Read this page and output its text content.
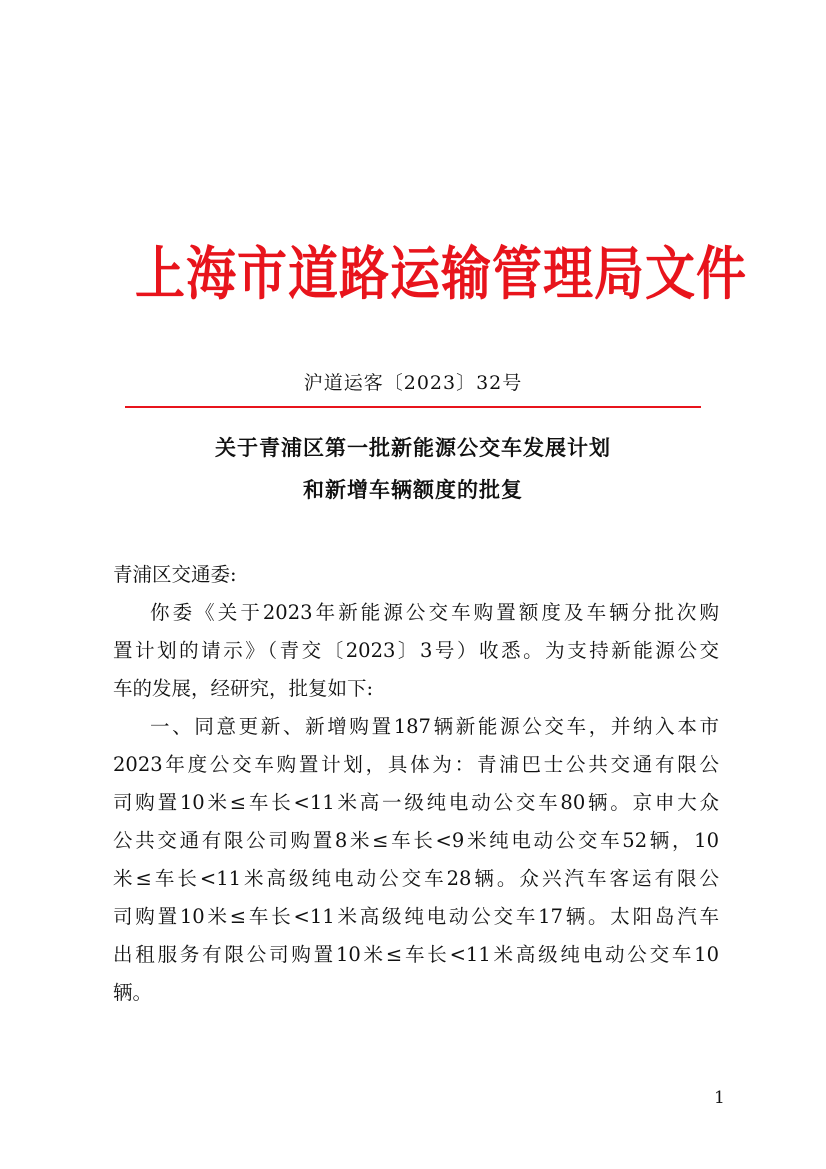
上海市道路运输管理局文件
沪道运客〔2023〕32号
关于青浦区第一批新能源公交车发展计划
和新增车辆额度的批复
青浦区交通委:
你委《关于2023年新能源公交车购置额度及车辆分批次购
置计划的请示》（青交〔2023〕3号）收悉。为支持新能源公交
车的发展，经研究，批复如下:
一、同意更新、新增购置187辆新能源公交车，并纳入本市
2023年度公交车购置计划，具体为：青浦巴士公共交通有限公
司购置10米≤车长<11米高一级纯电动公交车80辆。京申大众
公共交通有限公司购置8米≤车长<9米纯电动公交车52辆，10
米≤车长<11米高级纯电动公交车28辆。众兴汽车客运有限公
司购置10米≤车长<11米高级纯电动公交车17辆。太阳岛汽车
出租服务有限公司购置10米≤车长<11米高级纯电动公交车10
辆。
1
